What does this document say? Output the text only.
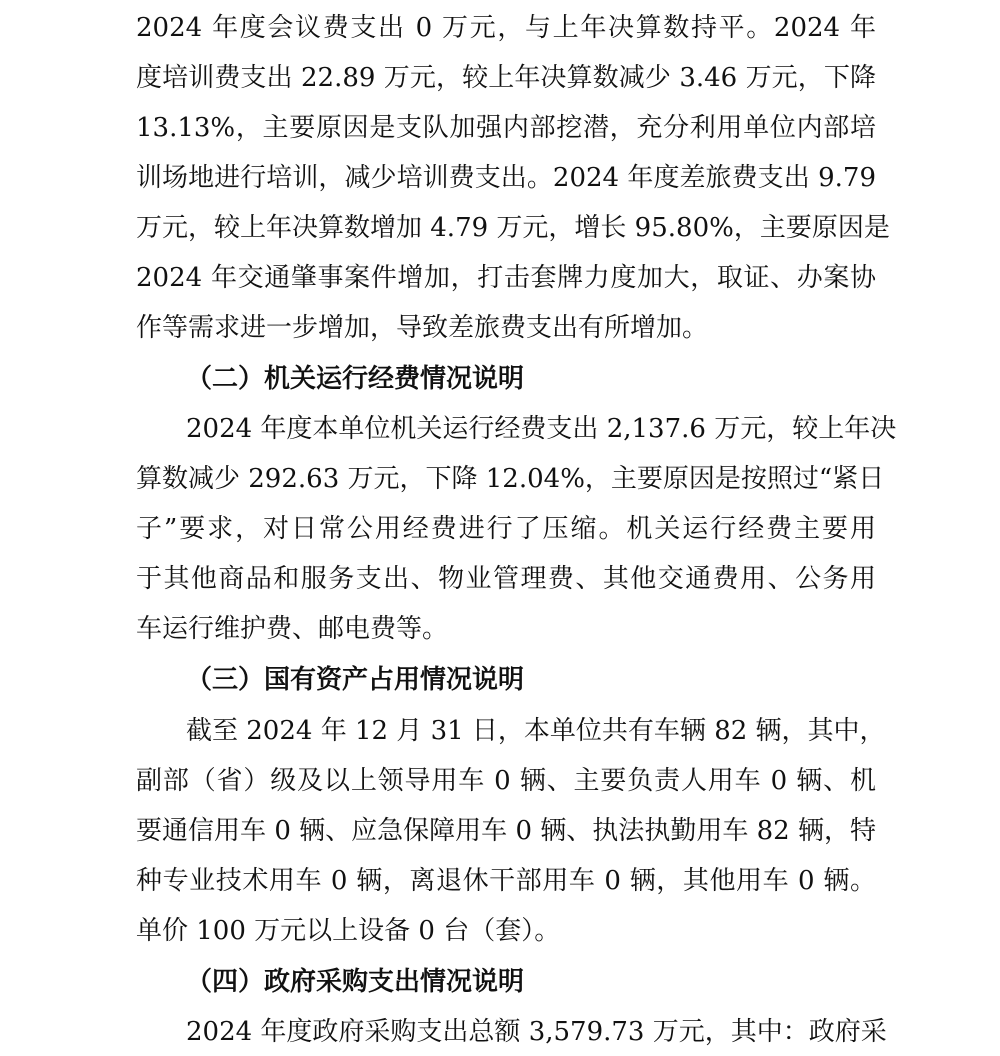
2024 年度会议费支出 0 万元，与上年决算数持平。2024 年
度培训费支出 22.89 万元，较上年决算数减少 3.46 万元，下降
13.13%，主要原因是支队加强内部挖潜，充分利用单位内部培
训场地进行培训，减少培训费支出。2024 年度差旅费支出 9.79
万元，较上年决算数增加 4.79 万元，增长 95.80%，主要原因是
2024 年交通肇事案件增加，打击套牌力度加大，取证、办案协
作等需求进一步增加，导致差旅费支出有所增加。
（二）机关运行经费情况说明
2024 年度本单位机关运行经费支出 2,137.6 万元，较上年决
算数减少 292.63 万元，下降 12.04%，主要原因是按照过“紧日
子”要求，对日常公用经费进行了压缩。机关运行经费主要用
于其他商品和服务支出、物业管理费、其他交通费用、公务用
车运行维护费、邮电费等。
（三）国有资产占用情况说明
截至 2024 年 12 月 31 日，本单位共有车辆 82 辆，其中，
副部（省）级及以上领导用车 0 辆、主要负责人用车 0 辆、机
要通信用车 0 辆、应急保障用车 0 辆、执法执勤用车 82 辆，特
种专业技术用车 0 辆，离退休干部用车 0 辆，其他用车 0 辆。
单价 100 万元以上设备 0 台（套）。
（四）政府采购支出情况说明
2024 年度政府采购支出总额 3,579.73 万元，其中：政府采
